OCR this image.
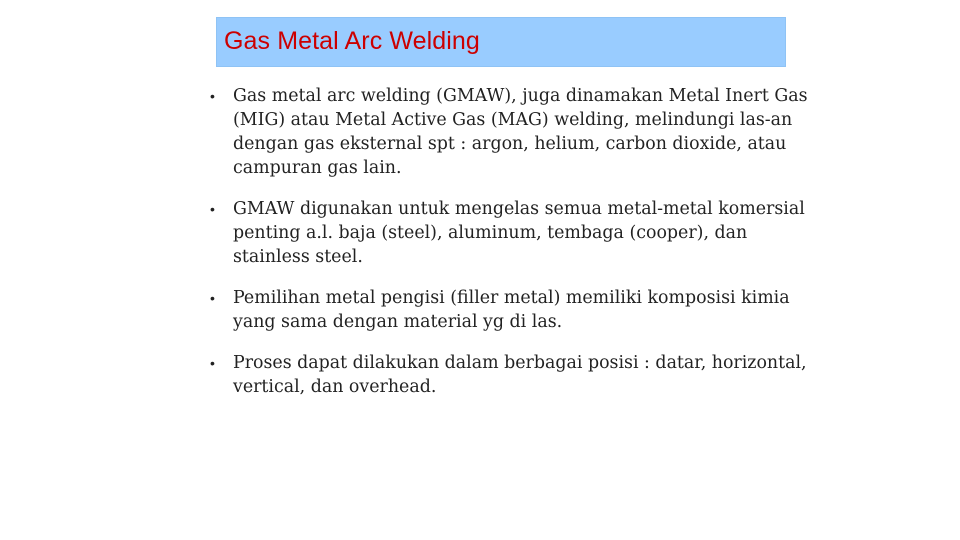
Gas Metal Arc Welding
• Gas metal arc welding (GMAW), juga dinamakan Metal Inert Gas (MIG) atau Metal Active Gas (MAG) welding, melindungi las-an dengan gas eksternal spt : argon, helium, carbon dioxide, atau campuran gas lain.
• GMAW digunakan untuk mengelas semua metal-metal komersial penting a.l. baja (steel), aluminum, tembaga (cooper), dan stainless steel.
• Pemilihan metal pengisi (filler metal) memiliki komposisi kimia yang sama dengan material yg di las.
• Proses dapat dilakukan dalam berbagai posisi : datar, horizontal, vertical, dan overhead.
